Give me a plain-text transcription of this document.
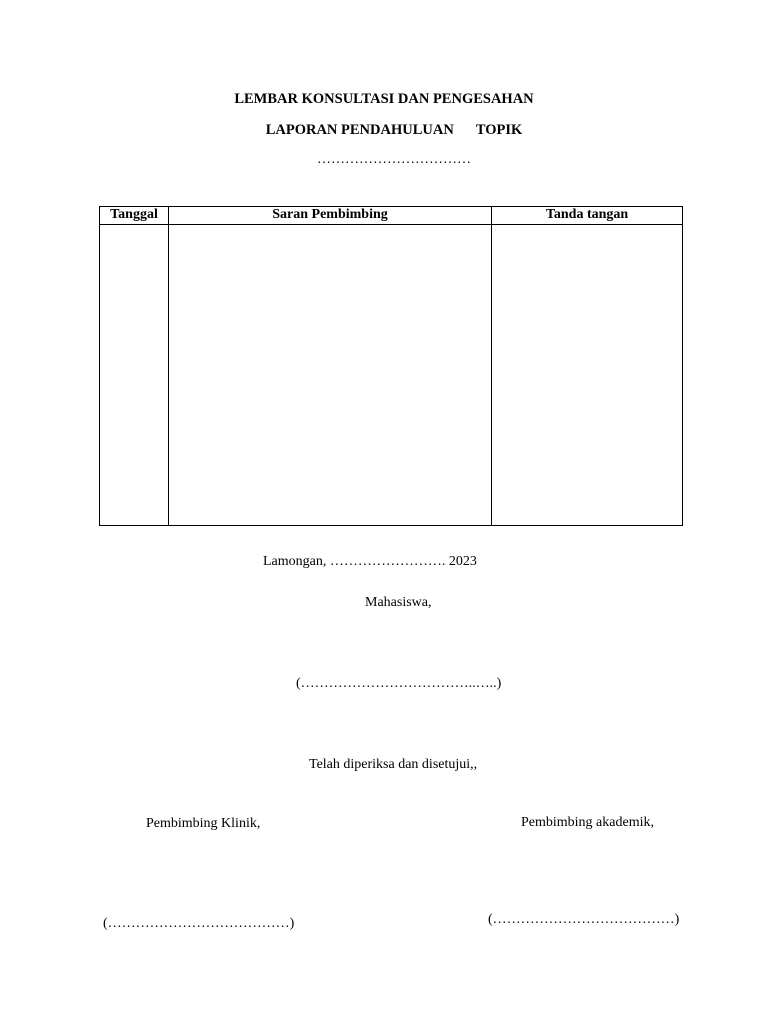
LEMBAR KONSULTASI DAN PENGESAHAN
LAPORAN PENDAHULUAN TOPIK
……………………………
Tanggal	Saran Pembimbing	Tanda tangan

Lamongan, ……………………. 2023
Mahasiswa,
(………………………………..…..)
Telah diperiksa dan disetujui,,
Pembimbing Klinik,	Pembimbing akademik,
(…………………………………)	(…………………………………)
